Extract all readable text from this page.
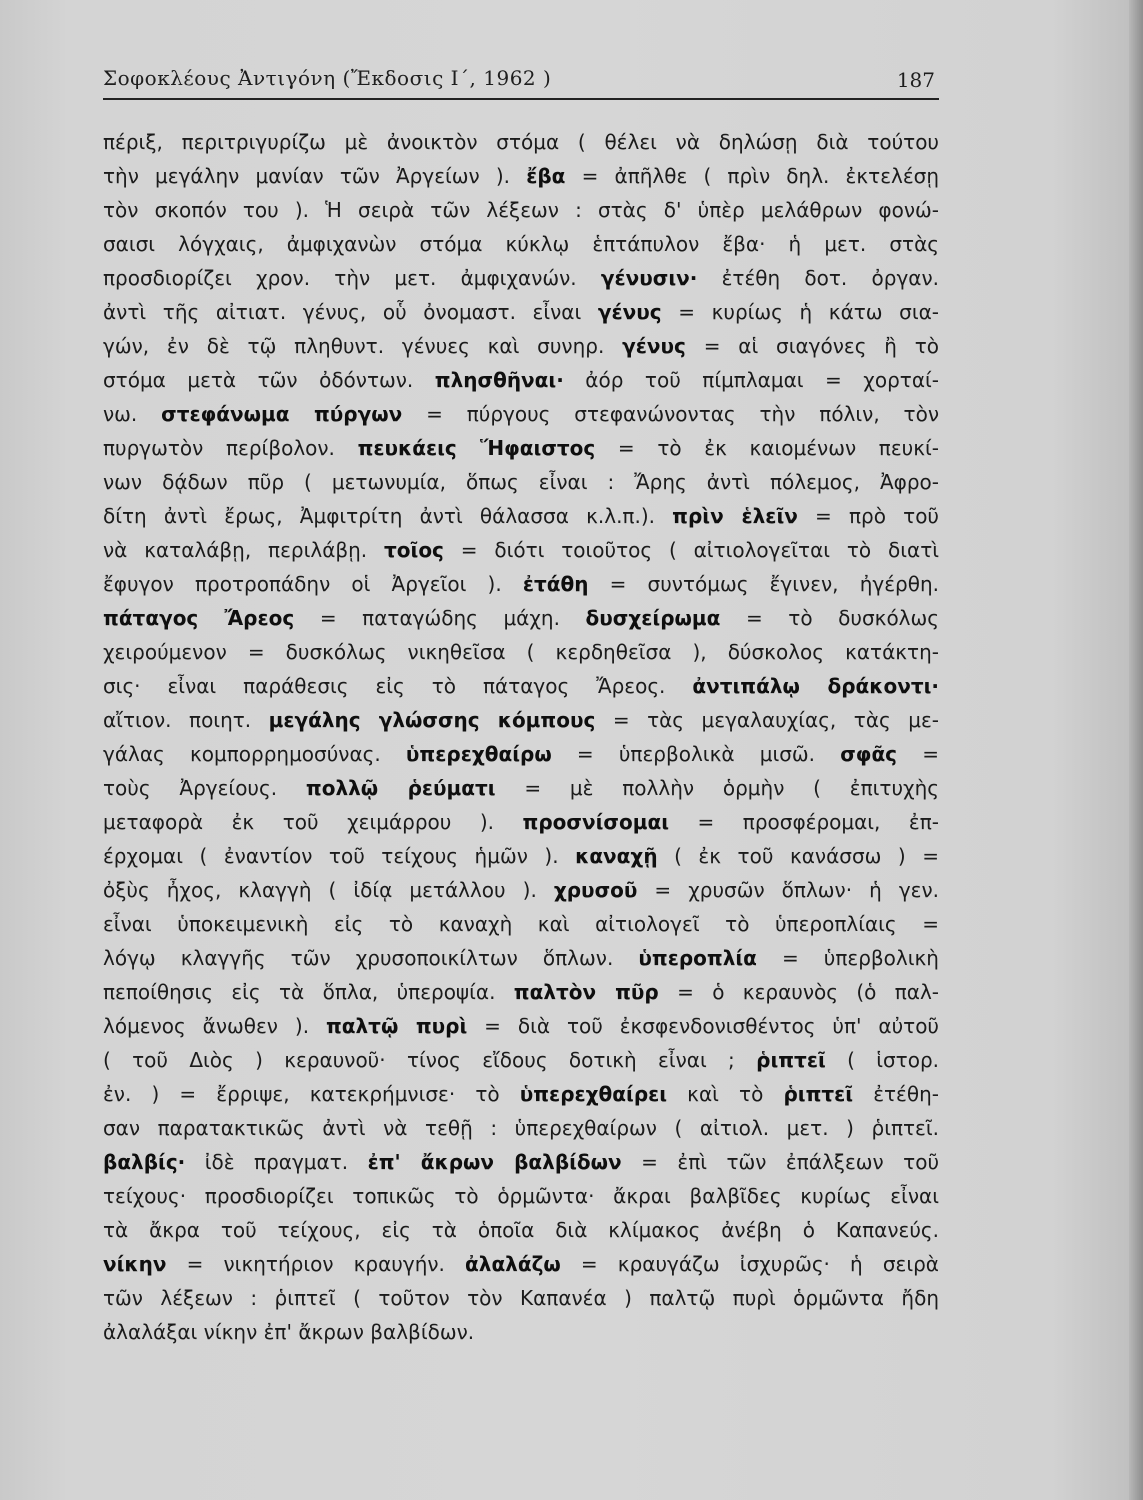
Σοφοκλέους Ἀντιγόνη (Ἔκδοσις Ι΄, 1962 )	187
πέριξ, περιτριγυρίζω μὲ ἀνοικτὸν στόμα ( θέλει νὰ δηλώσῃ διὰ τούτου
τὴν μεγάλην μανίαν τῶν Ἀργείων ). ἔβα = ἀπῆλθε ( πρὶν δηλ. ἐκτελέσῃ
τὸν σκοπόν του ). Ἡ σειρὰ τῶν λέξεων : στὰς δ' ὑπὲρ μελάθρων φονώ-
σαισι λόγχαις, ἀμφιχανὼν στόμα κύκλῳ ἑπτάπυλον ἔβα· ἡ μετ. στὰς
προσδιορίζει χρον. τὴν μετ. ἀμφιχανών. γένυσιν· ἐτέθη δοτ. ὀργαν.
ἀντὶ τῆς αἰτιατ. γένυς, οὗ ὀνομαστ. εἶναι γένυς = κυρίως ἡ κάτω σια-
γών, ἐν δὲ τῷ πληθυντ. γένυες καὶ συνηρ. γένυς = αἱ σιαγόνες ἢ τὸ
στόμα μετὰ τῶν ὀδόντων. πλησθῆναι· ἀόρ τοῦ πίμπλαμαι = χορταί-
νω. στεφάνωμα πύργων = πύργους στεφανώνοντας τὴν πόλιν, τὸν
πυργωτὸν περίβολον. πευκάεις Ἥφαιστος = τὸ ἐκ καιομένων πευκί-
νων δᾴδων πῦρ ( μετωνυμία, ὅπως εἶναι : Ἄρης ἀντὶ πόλεμος, Ἀφρο-
δίτη ἀντὶ ἔρως, Ἀμφιτρίτη ἀντὶ θάλασσα κ.λ.π.). πρὶν ἑλεῖν = πρὸ τοῦ
νὰ καταλάβῃ, περιλάβῃ. τοῖος = διότι τοιοῦτος ( αἰτιολογεῖται τὸ διατὶ
ἔφυγον προτροπάδην οἱ Ἀργεῖοι ). ἐτάθη = συντόμως ἔγινεν, ἠγέρθη.
πάταγος Ἄρεος = παταγώδης μάχη. δυσχείρωμα = τὸ δυσκόλως
χειρούμενον = δυσκόλως νικηθεῖσα ( κερδηθεῖσα ), δύσκολος κατάκτη-
σις· εἶναι παράθεσις εἰς τὸ πάταγος Ἄρεος. ἀντιπάλῳ δράκοντι·
αἴτιον. ποιητ. μεγάλης γλώσσης κόμπους = τὰς μεγαλαυχίας, τὰς με-
γάλας κομπορρημοσύνας. ὑπερεχθαίρω = ὑπερβολικὰ μισῶ. σφᾶς =
τοὺς Ἀργείους. πολλῷ ῥεύματι = μὲ πολλὴν ὁρμὴν ( ἐπιτυχὴς
μεταφορὰ ἐκ τοῦ χειμάρρου ). προσνίσομαι = προσφέρομαι, ἐπ-
έρχομαι ( ἐναντίον τοῦ τείχους ἡμῶν ). καναχῇ ( ἐκ τοῦ κανάσσω ) =
ὀξὺς ἦχος, κλαγγὴ ( ἰδίᾳ μετάλλου ). χρυσοῦ = χρυσῶν ὅπλων· ἡ γεν.
εἶναι ὑποκειμενικὴ εἰς τὸ καναχὴ καὶ αἰτιολογεῖ τὸ ὑπεροπλίαις =
λόγῳ κλαγγῆς τῶν χρυσοποικίλτων ὅπλων. ὑπεροπλία = ὑπερβολικὴ
πεποίθησις εἰς τὰ ὅπλα, ὑπεροψία. παλτὸν πῦρ = ὁ κεραυνὸς (ὁ παλ-
λόμενος ἄνωθεν ). παλτῷ πυρὶ = διὰ τοῦ ἐκσφενδονισθέντος ὑπ' αὐτοῦ
( τοῦ Διὸς ) κεραυνοῦ· τίνος εἴδους δοτικὴ εἶναι ; ῥιπτεῖ ( ἱστορ.
ἐν. ) = ἔρριψε, κατεκρήμνισε· τὸ ὑπερεχθαίρει καὶ τὸ ῥιπτεῖ ἐτέθη-
σαν παρατακτικῶς ἀντὶ νὰ τεθῇ : ὑπερεχθαίρων ( αἰτιολ. μετ. ) ῥιπτεῖ.
βαλβίς· ἰδὲ πραγματ. ἐπ' ἄκρων βαλβίδων = ἐπὶ τῶν ἐπάλξεων τοῦ
τείχους· προσδιορίζει τοπικῶς τὸ ὁρμῶντα· ἄκραι βαλβῖδες κυρίως εἶναι
τὰ ἄκρα τοῦ τείχους, εἰς τὰ ὁποῖα διὰ κλίμακος ἀνέβη ὁ Καπανεύς.
νίκην = νικητήριον κραυγήν. ἀλαλάζω = κραυγάζω ἰσχυρῶς· ἡ σειρὰ
τῶν λέξεων : ῥιπτεῖ ( τοῦτον τὸν Καπανέα ) παλτῷ πυρὶ ὁρμῶντα ἤδη
ἀλαλάξαι νίκην ἐπ' ἄκρων βαλβίδων.
